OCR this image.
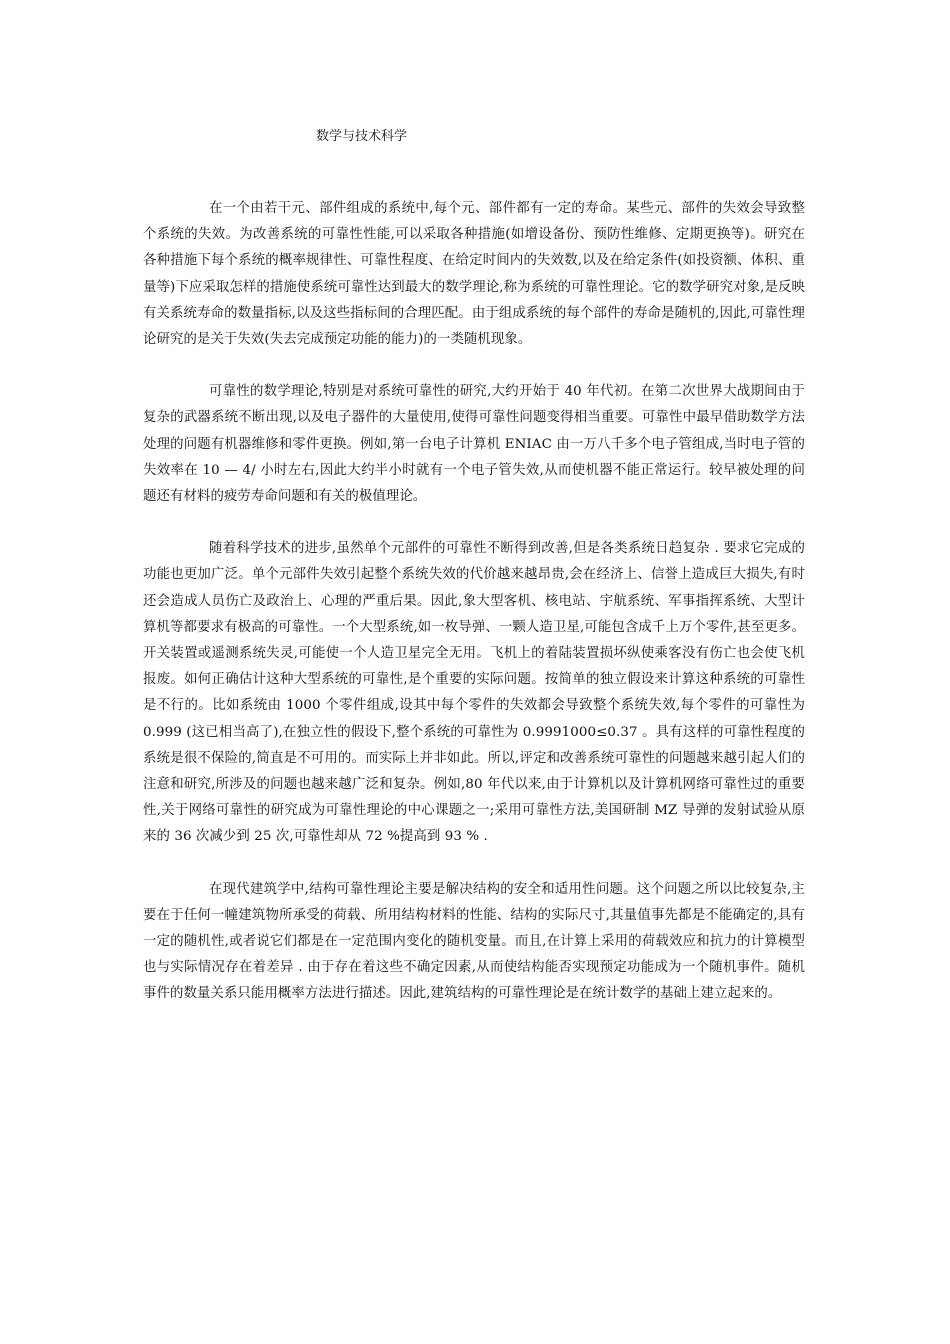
数学与技术科学

在一个由若干元、部件组成的系统中,每个元、部件都有一定的寿命。某些元、部件的失效会导致整个系统的失效。为改善系统的可靠性性能,可以采取各种措施(如增设备份、预防性维修、定期更换等)。研究在各种措施下每个系统的概率规律性、可靠性程度、在给定时间内的失效数,以及在给定条件(如投资额、体积、重量等)下应采取怎样的措施使系统可靠性达到最大的数学理论,称为系统的可靠性理论。它的数学研究对象,是反映有关系统寿命的数量指标,以及这些指标间的合理匹配。由于组成系统的每个部件的寿命是随机的,因此,可靠性理论研究的是关于失效(失去完成预定功能的能力)的一类随机现象。

可靠性的数学理论,特别是对系统可靠性的研究,大约开始于 40 年代初。在第二次世界大战期间由于复杂的武器系统不断出现,以及电子器件的大量使用,使得可靠性问题变得相当重要。可靠性中最早借助数学方法处理的问题有机器维修和零件更换。例如,第一台电子计算机 ENIAC 由一万八千多个电子管组成,当时电子管的失效率在 10 — 4/ 小时左右,因此大约半小时就有一个电子管失效,从而使机器不能正常运行。较早被处理的问题还有材料的疲劳寿命问题和有关的极值理论。

随着科学技术的进步,虽然单个元部件的可靠性不断得到改善,但是各类系统日趋复杂 . 要求它完成的功能也更加广泛。单个元部件失效引起整个系统失效的代价越来越昂贵,会在经济上、信誉上造成巨大损失,有时还会造成人员伤亡及政治上、心理的严重后果。因此,象大型客机、核电站、宇航系统、军事指挥系统、大型计算机等都要求有极高的可靠性。一个大型系统,如一枚导弹、一颗人造卫星,可能包含成千上万个零件,甚至更多。开关装置或遥测系统失灵,可能使一个人造卫星完全无用。飞机上的着陆装置损坏纵使乘客没有伤亡也会使飞机报废。如何正确估计这种大型系统的可靠性,是个重要的实际问题。按简单的独立假设来计算这种系统的可靠性是不行的。比如系统由 1000 个零件组成,设其中每个零件的失效都会导致整个系统失效,每个零件的可靠性为 0.999 (这已相当高了),在独立性的假设下,整个系统的可靠性为 0.9991000≤0.37 。具有这样的可靠性程度的系统是很不保险的,简直是不可用的。而实际上并非如此。所以,评定和改善系统可靠性的问题越来越引起人们的注意和研究,所涉及的问题也越来越广泛和复杂。例如,80 年代以来,由于计算机以及计算机网络可靠性过的重要性,关于网络可靠性的研究成为可靠性理论的中心课题之一;采用可靠性方法,美国研制 MZ 导弹的发射试验从原来的 36 次减少到 25 次,可靠性却从 72 %提高到 93 % .

在现代建筑学中,结构可靠性理论主要是解决结构的安全和适用性问题。这个问题之所以比较复杂,主要在于任何一幢建筑物所承受的荷载、所用结构材料的性能、结构的实际尺寸,其量值事先都是不能确定的,具有一定的随机性,或者说它们都是在一定范围内变化的随机变量。而且,在计算上采用的荷载效应和抗力的计算模型也与实际情况存在着差异 . 由于存在着这些不确定因素,从而使结构能否实现预定功能成为一个随机事件。随机事件的数量关系只能用概率方法进行描述。因此,建筑结构的可靠性理论是在统计数学的基础上建立起来的。
